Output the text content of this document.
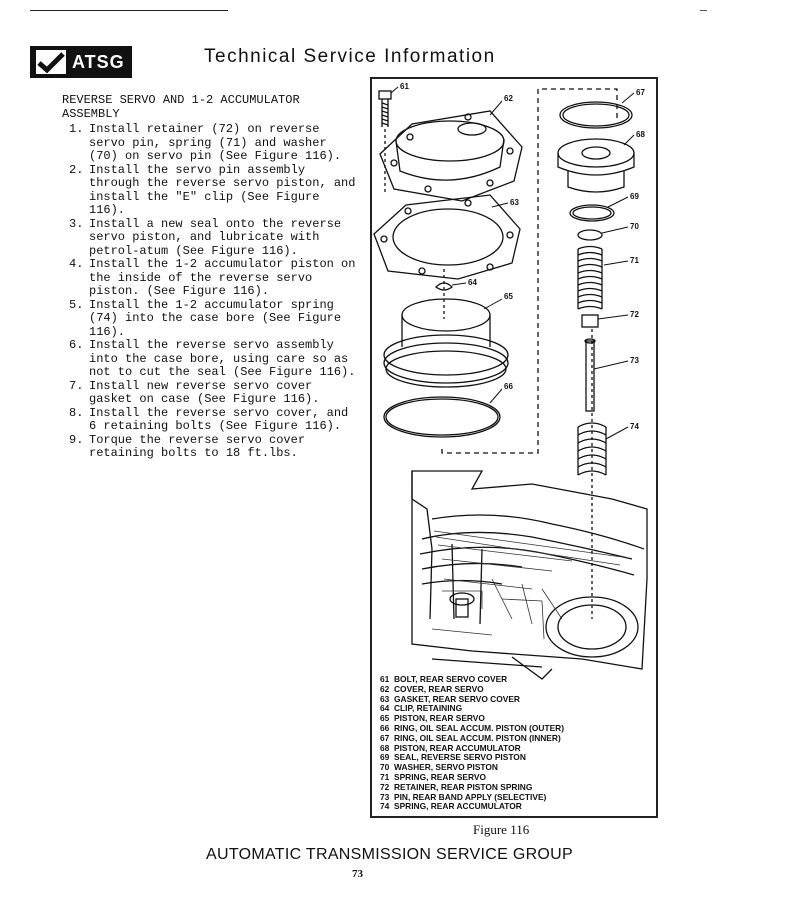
ATSG	Technical Service Information
REVERSE SERVO AND 1-2 ACCUMULATOR ASSEMBLY
1. Install retainer (72) on reverse servo pin, spring (71) and washer (70) on servo pin (See Figure 116).
2. Install the servo pin assembly through the reverse servo piston, and install the "E" clip (See Figure 116).
3. Install a new seal onto the reverse servo piston, and lubricate with petrol-atum (See Figure 116).
4. Install the 1-2 accumulator piston on the inside of the reverse servo piston. (See Figure 116).
5. Install the 1-2 accumulator spring (74) into the case bore (See Figure 116).
6. Install the reverse servo assembly into the case bore, using care so as not to cut the seal (See Figure 116).
7. Install new reverse servo cover gasket on case (See Figure 116).
8. Install the reverse servo cover, and 6 retaining bolts (See Figure 116).
9. Torque the reverse servo cover retaining bolts to 18 ft.lbs.
61
62
63
64
65
66
67
68
69
70
71
72
73
74
61 BOLT, REAR SERVO COVER
62 COVER, REAR SERVO
63 GASKET, REAR SERVO COVER
64 CLIP, RETAINING
65 PISTON, REAR SERVO
66 RING, OIL SEAL ACCUM. PISTON (OUTER)
67 RING, OIL SEAL ACCUM. PISTON (INNER)
68 PISTON, REAR ACCUMULATOR
69 SEAL, REVERSE SERVO PISTON
70 WASHER, SERVO PISTON
71 SPRING, REAR SERVO
72 RETAINER, REAR PISTON SPRING
73 PIN, REAR BAND APPLY (SELECTIVE)
74 SPRING, REAR ACCUMULATOR
Figure 116
AUTOMATIC TRANSMISSION SERVICE GROUP
73
